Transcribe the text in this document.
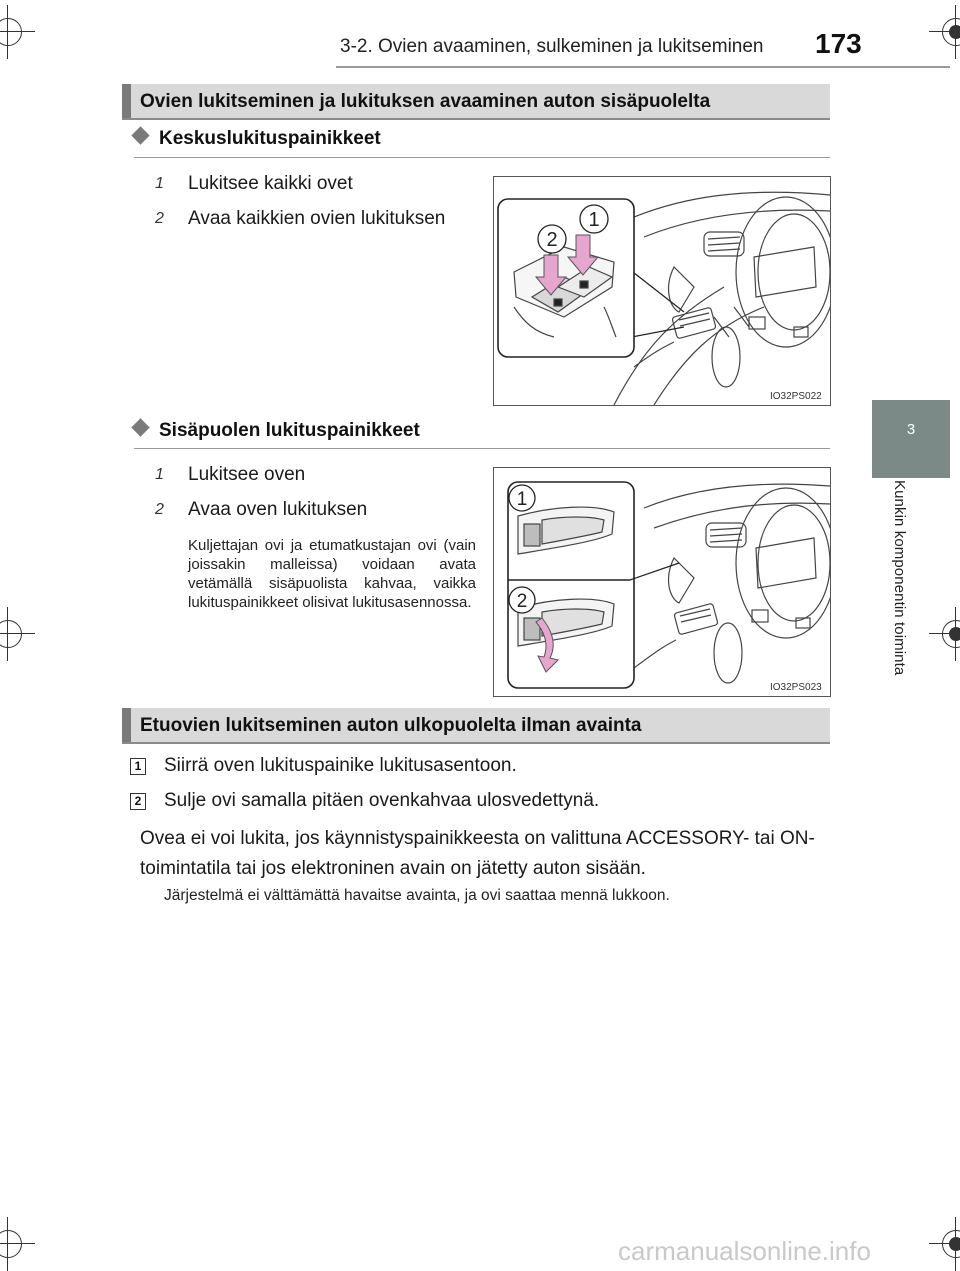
3-2. Ovien avaaminen, sulkeminen ja lukitseminen 173
3
Kunkin komponentin toiminta
Ovien lukitseminen ja lukituksen avaaminen auton sisäpuolelta
Keskuslukituspainikkeet
1 Lukitsee kaikki ovet
2 Avaa kaikkien ovien lukituksen	1
2
IO32PS022
Sisäpuolen lukituspainikkeet
1 Lukitsee oven
2 Avaa oven lukituksen
Kuljettajan ovi ja etumatkustajan ovi (vain joissakin malleissa) voidaan avata vetämällä sisäpuolista kahvaa, vaikka lukituspainikkeet olisivat lukitusasennossa.
1
2
IO32PS023
Etuovien lukitseminen auton ulkopuolelta ilman avainta
1 Siirrä oven lukituspainike lukitusasentoon.
2 Sulje ovi samalla pitäen ovenkahvaa ulosvedettynä.
Ovea ei voi lukita, jos käynnistyspainikkeesta on valittuna ACCESSORY- tai ON-toimintatila tai jos elektroninen avain on jätetty auton sisään.
Järjestelmä ei välttämättä havaitse avainta, ja ovi saattaa mennä lukkoon.
carmanualsonline.info
